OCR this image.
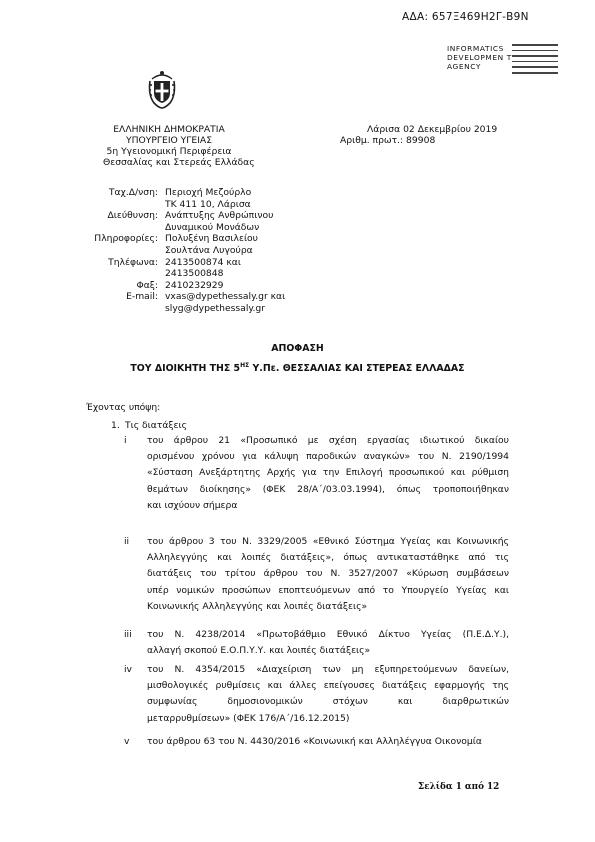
ΑΔΑ: 657Ξ469Η2Γ-Β9Ν
INFORMATICS DEVELOPMEN T AGENCY
ΕΛΛΗΝΙΚΗ ΔΗΜΟΚΡΑΤΙΑ
ΥΠΟΥΡΓΕΙΟ ΥΓΕΙΑΣ
5η Υγειονομική Περιφέρεια
Θεσσαλίας και Στερεάς Ελλάδας
Λάρισα 02 Δεκεμβρίου 2019
Αριθμ. πρωτ.: 89908
Ταχ.Δ/νση: Περιοχή Μεζούρλο
ΤΚ 411 10, Λάρισα
Διεύθυνση: Ανάπτυξης Ανθρώπινου
Δυναμικού Μονάδων
Πληροφορίες: Πολυξένη Βασιλείου
Σουλτάνα Λυγούρα
Τηλέφωνα: 2413500874 και
2413500848
Φαξ: 2410232929
E-mail: vxas@dypethessaly.gr και
slyg@dypethessaly.gr
ΑΠΟΦΑΣΗ
ΤΟΥ ΔΙΟΙΚΗΤΗ ΤΗΣ $5^{H\Sigma}$ Υ.Πε. ΘΕΣΣΑΛΙΑΣ ΚΑΙ ΣΤΕΡΕΑΣ ΕΛΛΑΔΑΣ
Έχοντας υπόψη:
1. Τις διατάξεις
i	του άρθρου 21 «Προσωπικό με σχέση εργασίας ιδιωτικού δικαίου
ορισμένου χρόνου για κάλυψη παροδικών αναγκών» του Ν. 2190/1994
«Σύσταση Ανεξάρτητης Αρχής για την Επιλογή προσωπικού και ρύθμιση
θεμάτων διοίκησης» (ΦΕΚ 28/Α΄/03.03.1994), όπως τροποποιήθηκαν
και ισχύουν σήμερα
ii	του άρθρου 3 του Ν. 3329/2005 «Εθνικό Σύστημα Υγείας και Κοινωνικής
Αλληλεγγύης και λοιπές διατάξεις», όπως αντικαταστάθηκε από τις
διατάξεις του τρίτου άρθρου του Ν. 3527/2007 «Κύρωση συμβάσεων
υπέρ νομικών προσώπων εποπτευόμενων από το Υπουργείο Υγείας και
Κοινωνικής Αλληλεγγύης και λοιπές διατάξεις»
iii	του Ν. 4238/2014 «Πρωτοβάθμιο Εθνικό Δίκτυο Υγείας (Π.Ε.Δ.Υ.),
αλλαγή σκοπού Ε.Ο.Π.Υ.Υ. και λοιπές διατάξεις»
iv	του Ν. 4354/2015 «Διαχείριση των μη εξυπηρετούμενων δανείων,
μισθολογικές ρυθμίσεις και άλλες επείγουσες διατάξεις εφαρμογής της
συμφωνίας δημοσιονομικών στόχων και διαρθρωτικών
μεταρρυθμίσεων» (ΦΕΚ 176/Α΄/16.12.2015)
v	του άρθρου 63 του Ν. 4430/2016 «Κοινωνική και Αλληλέγγυα Οικονομία
Σελίδα 1 από 12
